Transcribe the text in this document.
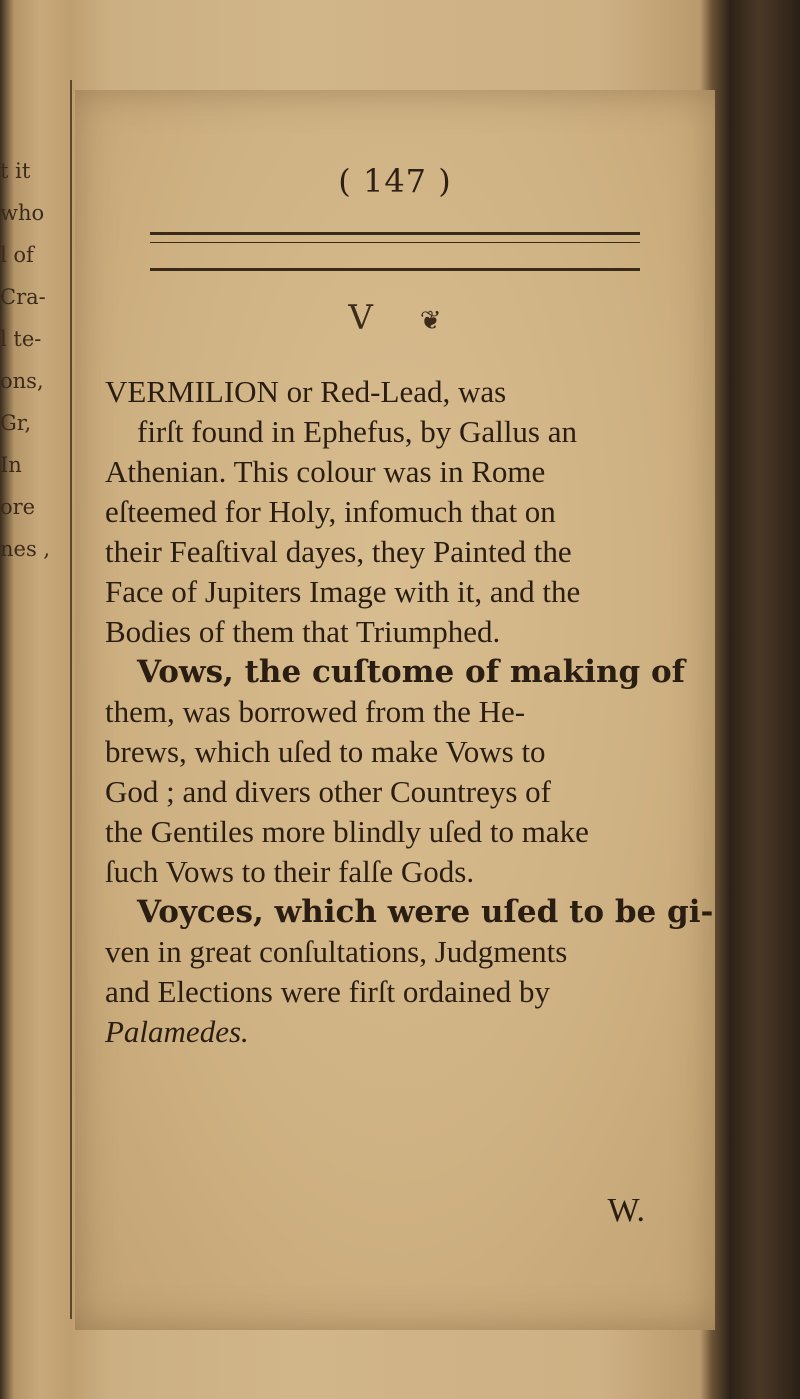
t it
who
l of
Cra-
l te-
ons,
Gr,
In
ore
nes ,
( 147 )
V ❦
VERMILION or Red-Lead, was
firſt found in Ephefus, by Gallus an
Athenian. This colour was in Rome
eſteemed for Holy, infomuch that on
their Feaſtival dayes, they Painted the
Face of Jupiters Image with it, and the
Bodies of them that Triumphed.
Vows, the cuſtome of making of
them, was borrowed from the He-
brews, which uſed to make Vows to
God ; and divers other Countreys of
the Gentiles more blindly uſed to make
ſuch Vows to their falſe Gods.
Voyces, which were uſed to be gi-
ven in great conſultations, Judgments
and Elections were firſt ordained by
Palamedes.
W.
